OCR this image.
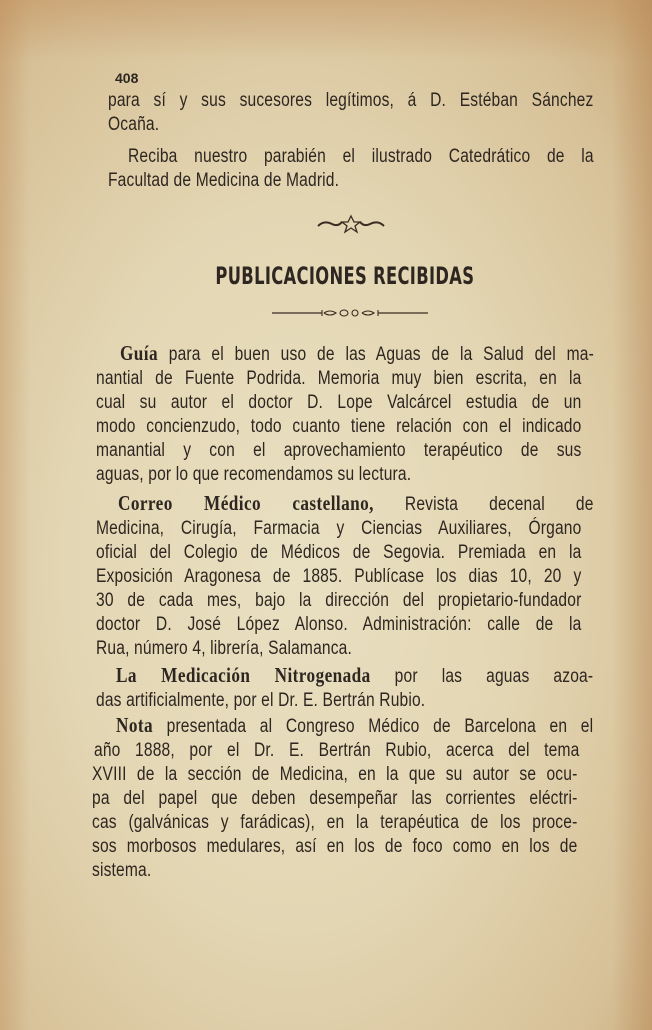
408
para sí y sus sucesores legítimos, á D. Estéban Sánchez
Ocaña.
Reciba nuestro parabién el ilustrado Catedrático de la
Facultad de Medicina de Madrid.
PUBLICACIONES RECIBIDAS
Guía para el buen uso de las Aguas de la Salud del ma-
nantial de Fuente Podrida. Memoria muy bien escrita, en la
cual su autor el doctor D. Lope Valcárcel estudia de un
modo concienzudo, todo cuanto tiene relación con el indicado
manantial y con el aprovechamiento terapéutico de sus
aguas, por lo que recomendamos su lectura.
Correo Médico castellano, Revista decenal de
Medicina, Cirugía, Farmacia y Ciencias Auxiliares, Órgano
oficial del Colegio de Médicos de Segovia. Premiada en la
Exposición Aragonesa de 1885. Publícase los dias 10, 20 y
30 de cada mes, bajo la dirección del propietario-fundador
doctor D. José López Alonso. Administración: calle de la
Rua, número 4, librería, Salamanca.
La Medicación Nitrogenada por las aguas azoa-
das artificialmente, por el Dr. E. Bertrán Rubio.
Nota presentada al Congreso Médico de Barcelona en el
año 1888, por el Dr. E. Bertrán Rubio, acerca del tema
XVIII de la sección de Medicina, en la que su autor se ocu-
pa del papel que deben desempeñar las corrientes eléctri-
cas (galvánicas y farádicas), en la terapéutica de los proce-
sos morbosos medulares, así en los de foco como en los de
sistema.
